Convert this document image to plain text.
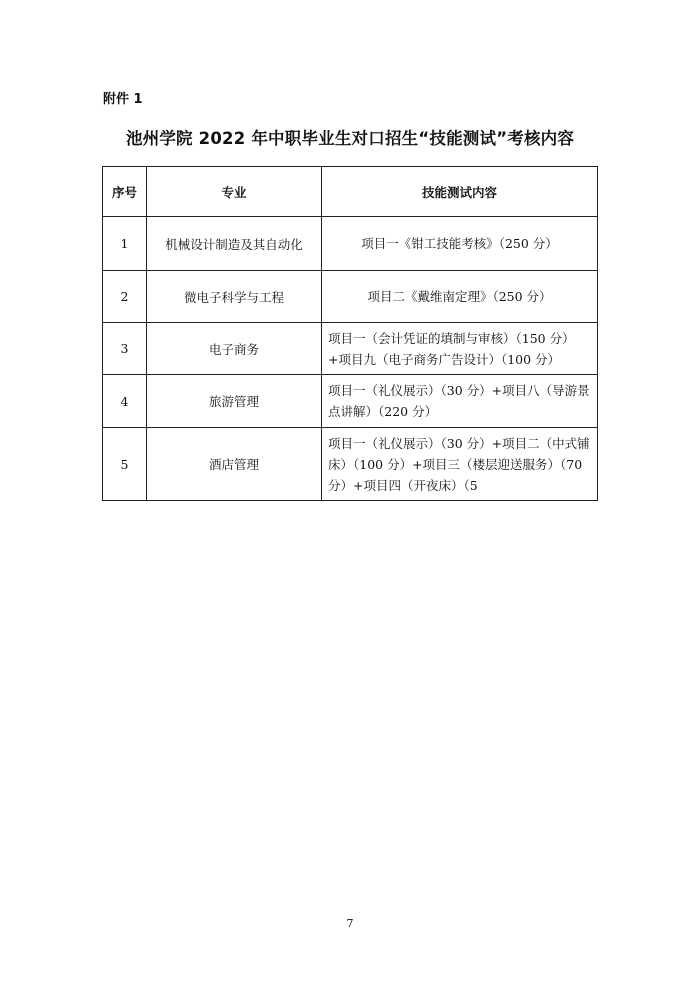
附件 1
池州学院 2022 年中职毕业生对口招生“技能测试”考核内容
序号	专业	技能测试内容
1	机械设计制造及其自动化	项目一《钳工技能考核》（250 分）
2	微电子科学与工程	项目二《戴维南定理》（250 分）
3	电子商务	项目一（会计凭证的填制与审核）（150 分）+项目九（电子商务广告设计）（100 分）
4	旅游管理	项目一（礼仪展示）（30 分）+项目八（导游景点讲解）（220 分）
5	酒店管理	项目一（礼仪展示）（30 分）+项目二（中式铺床）（100 分）+项目三（楼层迎送服务）（70 分）+项目四（开夜床）（5
7
